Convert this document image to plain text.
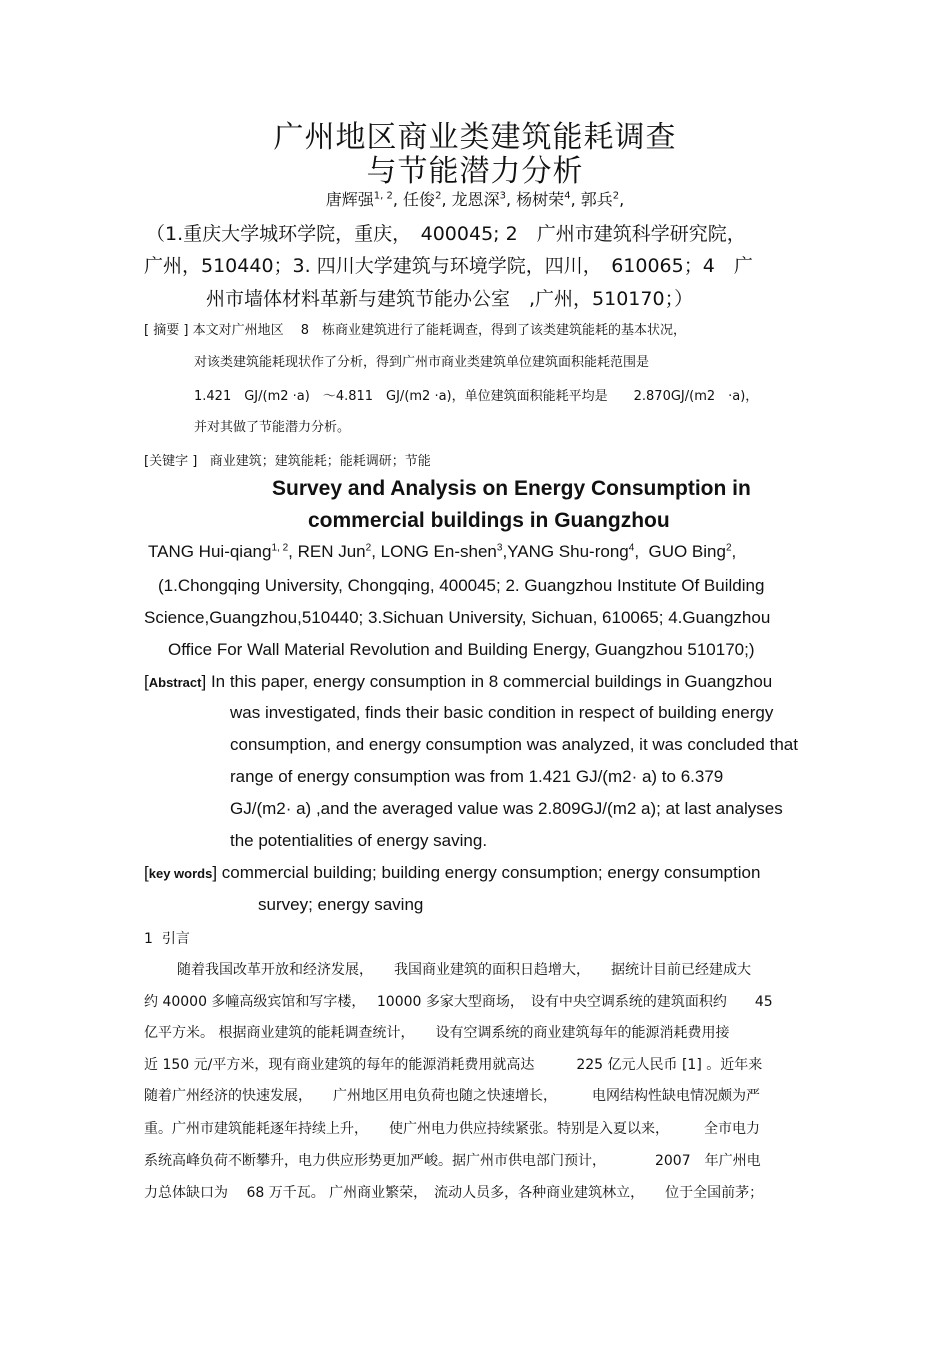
广州地区商业类建筑能耗调查
与节能潜力分析
唐辉强$^{1, 2}$, 任俊$^2$, 龙恩深$^3$, 杨树荣$^4$, 郭兵$^2$,
（1.重庆大学城环学院，重庆，　400045; 2　广州市建筑科学研究院，
广州，510440；3. 四川大学建筑与环境学院，四川，　610065；4　广
州市墙体材料革新与建筑节能办公室　,广州，510170；）
[ 摘要 ] 本文对广州地区　 8　栋商业建筑进行了能耗调查，得到了该类建筑能耗的基本状况，
对该类建筑能耗现状作了分析，得到广州市商业类建筑单位建筑面积能耗范围是
1.421　GJ/(m2 ·a)　～4.811　GJ/(m2 ·a)，单位建筑面积能耗平均是　　2.870GJ/(m2　·a)，
并对其做了节能潜力分析。
[关键字 ] 商业建筑；建筑能耗；能耗调研；节能
Survey and Analysis on Energy Consumption in
commercial buildings in Guangzhou
TANG Hui-qiang$^{1, 2}$, REN Jun$^2$, LONG En-shen$^3$,YANG Shu-rong$^4$,  GUO Bing$^2$,
(1.Chongqing University, Chongqing, 400045; 2. Guangzhou Institute Of Building
Science,Guangzhou,510440; 3.Sichuan University, Sichuan, 610065; 4.Guangzhou
Office For Wall Material Revolution and Building Energy, Guangzhou 510170;)
[Abstract] In this paper, energy consumption in 8 commercial buildings in Guangzhou
was investigated, finds their basic condition in respect of building energy
consumption, and energy consumption was analyzed, it was concluded that
range of energy consumption was from 1.421 GJ/(m2· a) to 6.379
GJ/(m2· a) ,and the averaged value was 2.809GJ/(m2 a); at last analyses
the potentialities of energy saving.
[key words] commercial building; building energy consumption; energy consumption
survey; energy saving
1 引言
随着我国改革开放和经济发展，　　我国商业建筑的面积日趋增大，　　据统计目前已经建成大
约 40000 多幢高级宾馆和写字楼，　 10000 多家大型商场，　设有中央空调系统的建筑面积约　　45
亿平方米。 根据商业建筑的能耗调查统计，　　设有空调系统的商业建筑每年的能源消耗费用接
近 150 元/平方米，现有商业建筑的每年的能源消耗费用就高达　　　225 亿元人民币 [1] 。近年来
随着广州经济的快速发展，　　广州地区用电负荷也随之快速增长，　　　电网结构性缺电情况颇为严
重。广州市建筑能耗逐年持续上升，　　使广州电力供应持续紧张。特别是入夏以来，　　　全市电力
系统高峰负荷不断攀升，电力供应形势更加严峻。据广州市供电部门预计，　　　　2007　年广州电
力总体缺口为　 68 万千瓦。 广州商业繁荣，　流动人员多，各种商业建筑林立，　　位于全国前茅；
